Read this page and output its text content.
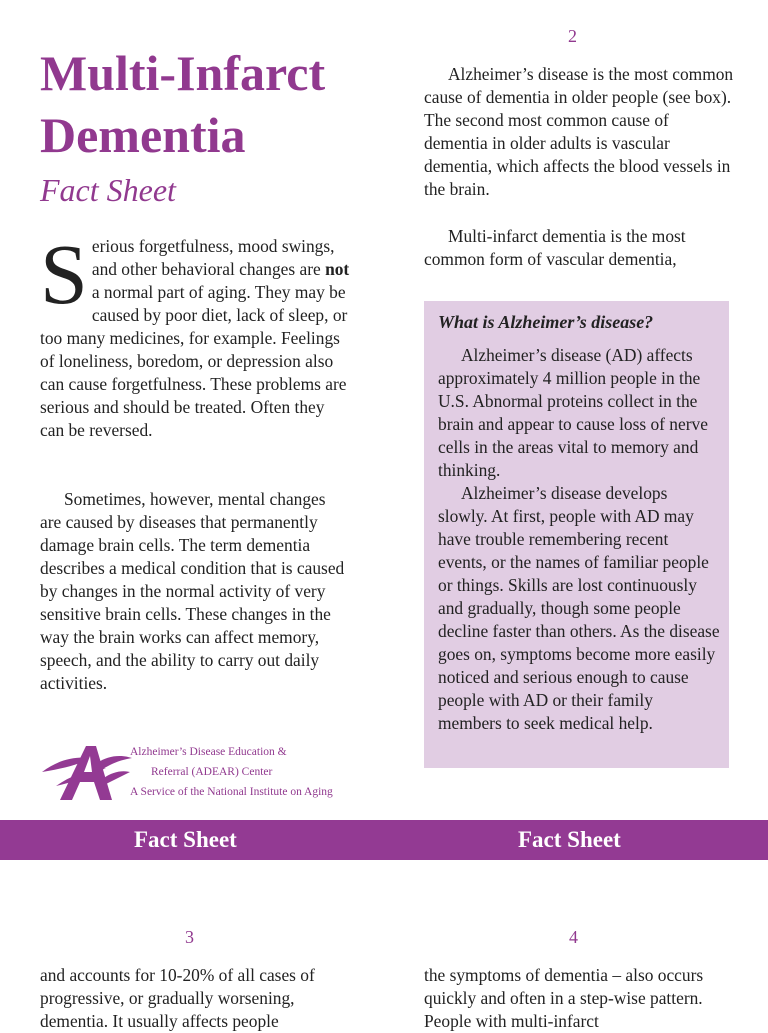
Multi-Infarct
Dementia
Fact Sheet
Serious forgetfulness, mood swings, and other behavioral changes are not a normal part of aging. They may be caused by poor diet, lack of sleep, or too many medicines, for example. Feelings of loneliness, boredom, or depression also can cause forgetfulness. These problems are serious and should be treated. Often they can be reversed.
Sometimes, however, mental changes are caused by diseases that permanently damage brain cells. The term dementia describes a medical condition that is caused by changes in the normal activity of very sensitive brain cells. These changes in the way the brain works can affect memory, speech, and the ability to carry out daily activities.
Alzheimer’s Disease Education &
Referral (ADEAR) Center
A Service of the National Institute on Aging
2
Alzheimer’s disease is the most common cause of dementia in older people (see box). The second most common cause of dementia in older adults is vascular dementia, which affects the blood vessels in the brain.
Multi-infarct dementia is the most common form of vascular dementia,
What is Alzheimer’s disease?
Alzheimer’s disease (AD) affects approximately 4 million people in the U.S. Abnormal proteins collect in the brain and appear to cause loss of nerve cells in the areas vital to memory and thinking.
Alzheimer’s disease develops slowly. At first, people with AD may have trouble remembering recent events, or the names of familiar people or things. Skills are lost continuously and gradually, though some people decline faster than others. As the disease goes on, symptoms become more easily noticed and serious enough to cause people with AD or their family members to seek medical help.
Fact Sheet	Fact Sheet
3	4
and accounts for 10-20% of all cases of progressive, or gradually worsening, dementia. It usually affects people
the symptoms of dementia – also occurs quickly and often in a step-wise pattern. People with multi-infarct
